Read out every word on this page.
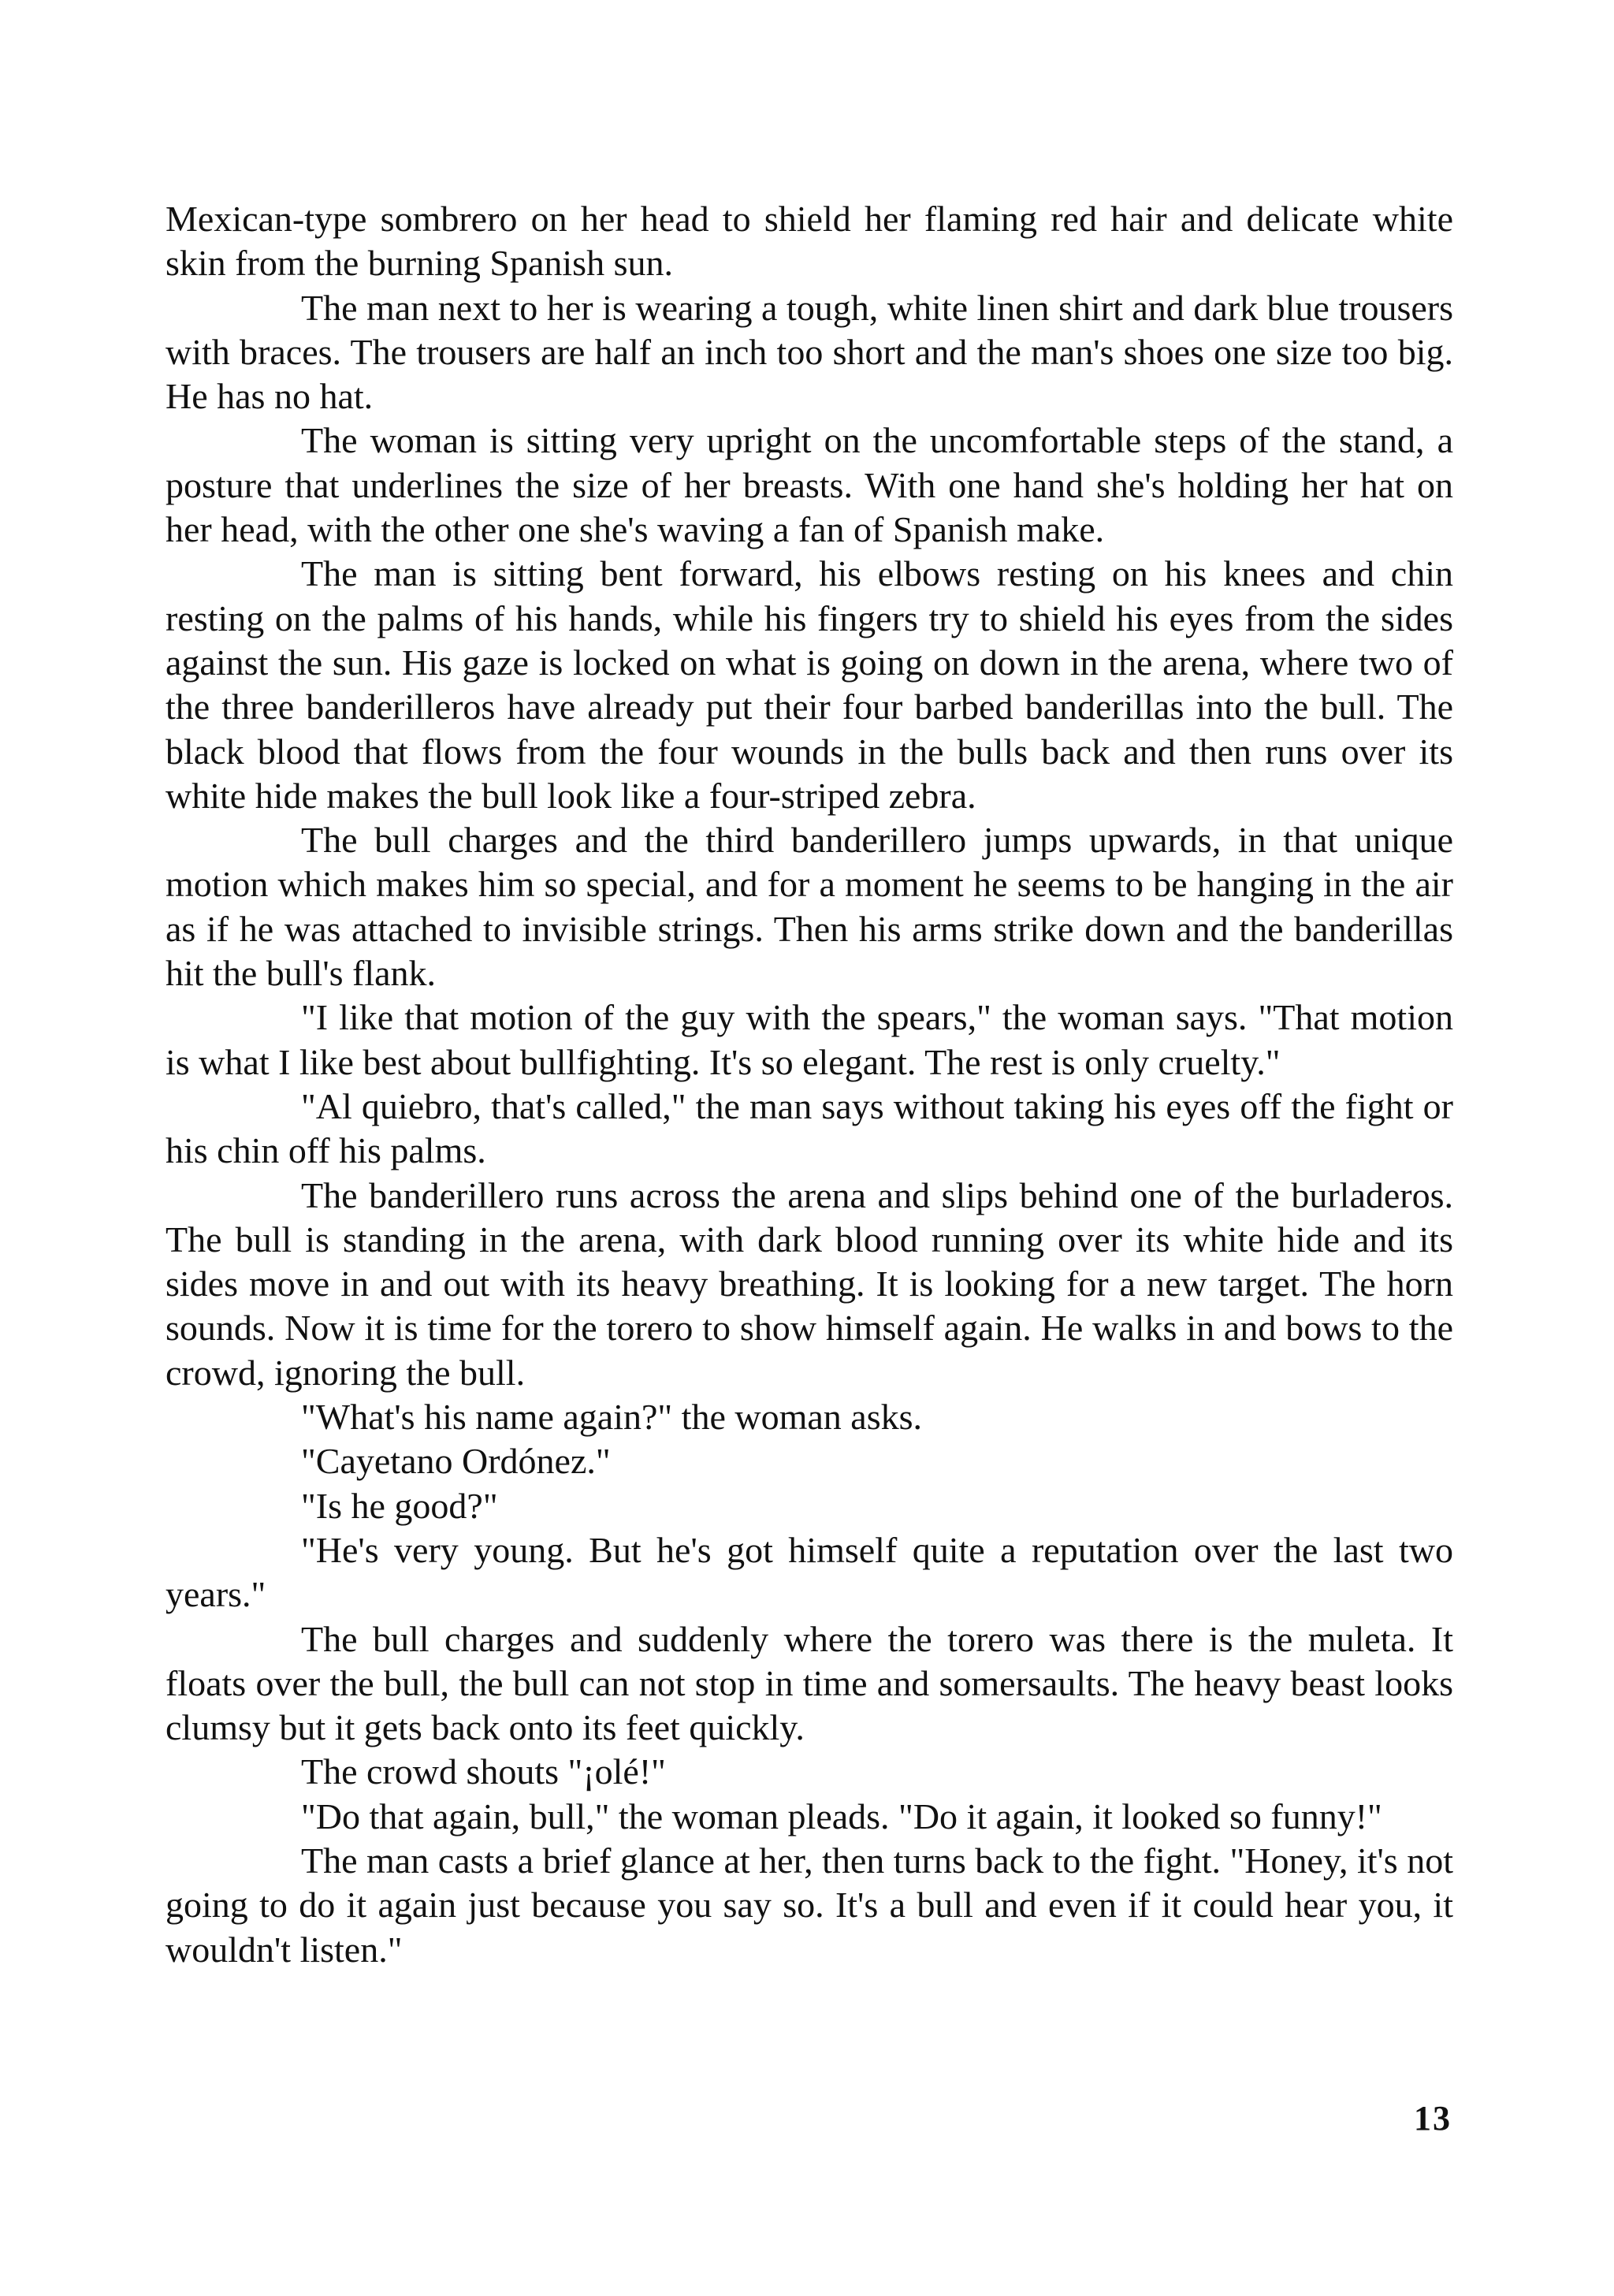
Mexican-type sombrero on her head to shield her flaming red hair and delicate white skin from the burning Spanish sun.

The man next to her is wearing a tough, white linen shirt and dark blue trousers with braces. The trousers are half an inch too short and the man's shoes one size too big. He has no hat.

The woman is sitting very upright on the uncomfortable steps of the stand, a posture that underlines the size of her breasts. With one hand she's holding her hat on her head, with the other one she's waving a fan of Spanish make.

The man is sitting bent forward, his elbows resting on his knees and chin resting on the palms of his hands, while his fingers try to shield his eyes from the sides against the sun. His gaze is locked on what is going on down in the arena, where two of the three banderilleros have already put their four barbed banderillas into the bull. The black blood that flows from the four wounds in the bulls back and then runs over its white hide makes the bull look like a four-striped zebra.

The bull charges and the third banderillero jumps upwards, in that unique motion which makes him so special, and for a moment he seems to be hanging in the air as if he was attached to invisible strings. Then his arms strike down and the banderillas hit the bull's flank.

"I like that motion of the guy with the spears," the woman says. "That motion is what I like best about bullfighting. It's so elegant. The rest is only cruelty."

"Al quiebro, that's called," the man says without taking his eyes off the fight or his chin off his palms.

The banderillero runs across the arena and slips behind one of the burladeros. The bull is standing in the arena, with dark blood running over its white hide and its sides move in and out with its heavy breathing. It is looking for a new target. The horn sounds. Now it is time for the torero to show himself again. He walks in and bows to the crowd, ignoring the bull.

"What's his name again?" the woman asks.

"Cayetano Ordónez."

"Is he good?"

"He's very young. But he's got himself quite a reputation over the last two years."

The bull charges and suddenly where the torero was there is the muleta. It floats over the bull, the bull can not stop in time and somersaults. The heavy beast looks clumsy but it gets back onto its feet quickly.

The crowd shouts "¡olé!"

"Do that again, bull," the woman pleads. "Do it again, it looked so funny!"

The man casts a brief glance at her, then turns back to the fight. "Honey, it's not going to do it again just because you say so. It's a bull and even if it could hear you, it wouldn't listen."

13
